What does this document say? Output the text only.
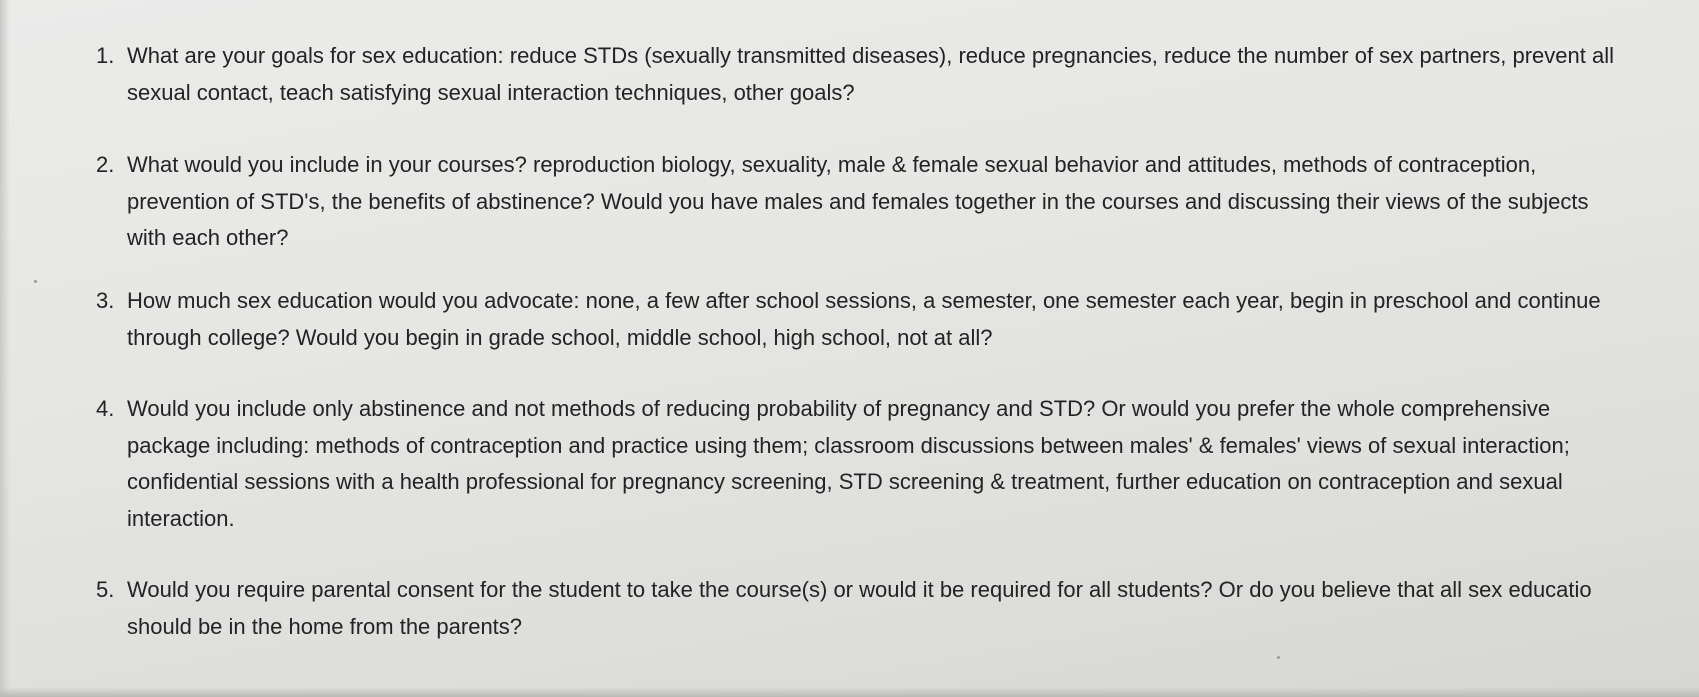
1. What are your goals for sex education: reduce STDs (sexually transmitted diseases), reduce pregnancies, reduce the number of sex partners, prevent all
sexual contact, teach satisfying sexual interaction techniques, other goals?
2. What would you include in your courses? reproduction biology, sexuality, male & female sexual behavior and attitudes, methods of contraception,
prevention of STD's, the benefits of abstinence? Would you have males and females together in the courses and discussing their views of the subjects
with each other?
3. How much sex education would you advocate: none, a few after school sessions, a semester, one semester each year, begin in preschool and continue
through college? Would you begin in grade school, middle school, high school, not at all?
4. Would you include only abstinence and not methods of reducing probability of pregnancy and STD? Or would you prefer the whole comprehensive
package including: methods of contraception and practice using them; classroom discussions between males' & females' views of sexual interaction;
confidential sessions with a health professional for pregnancy screening, STD screening & treatment, further education on contraception and sexual
interaction.
5. Would you require parental consent for the student to take the course(s) or would it be required for all students? Or do you believe that all sex educatio
should be in the home from the parents?
